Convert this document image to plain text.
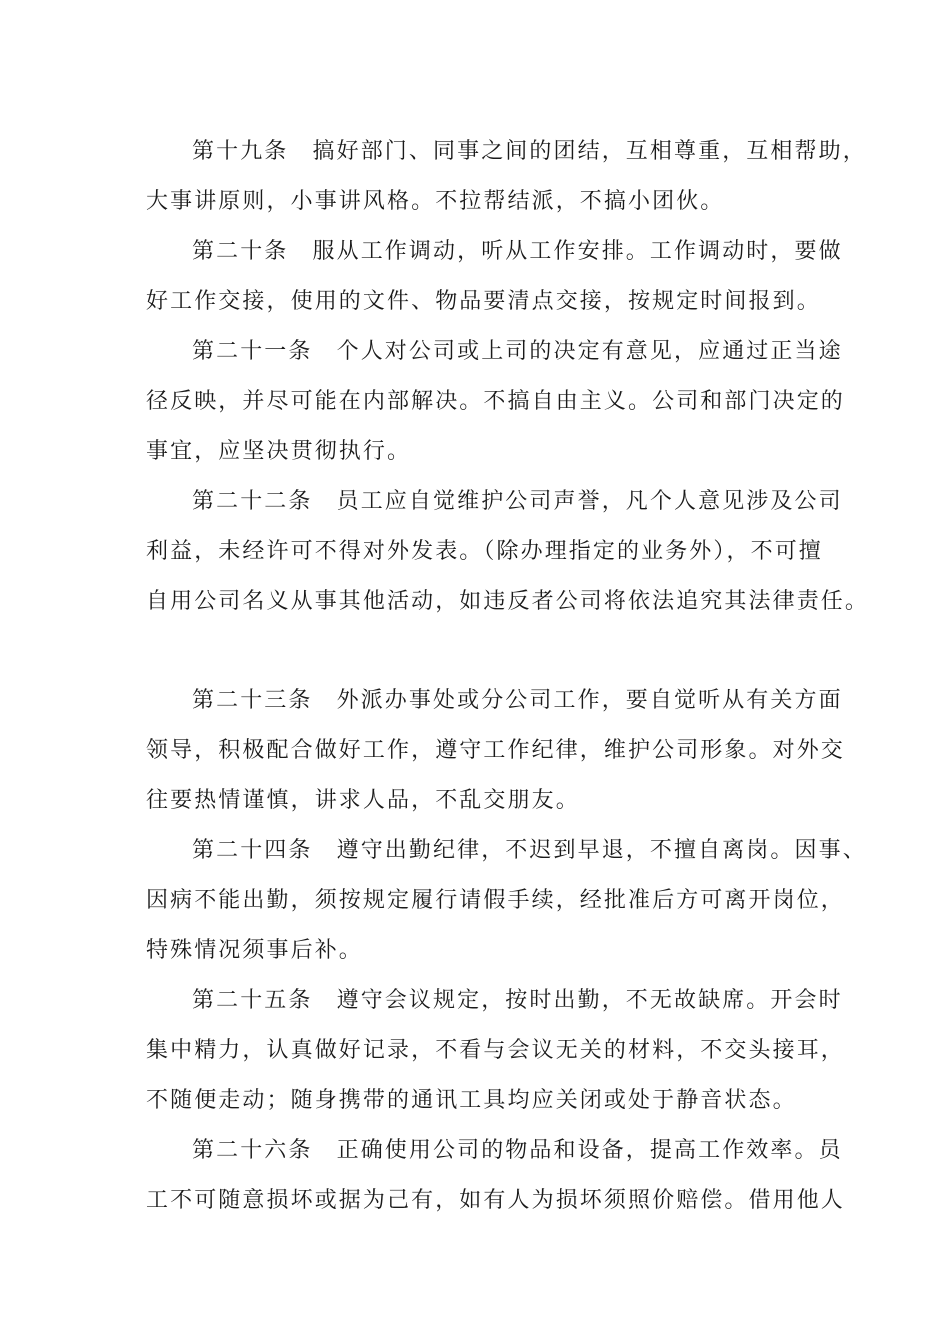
第十九条　搞好部门、同事之间的团结，互相尊重，互相帮助，
大事讲原则，小事讲风格。不拉帮结派，不搞小团伙。
第二十条　服从工作调动，听从工作安排。工作调动时，要做
好工作交接，使用的文件、物品要清点交接，按规定时间报到。
第二十一条　个人对公司或上司的决定有意见，应通过正当途
径反映，并尽可能在内部解决。不搞自由主义。公司和部门决定的
事宜，应坚决贯彻执行。
第二十二条　员工应自觉维护公司声誉，凡个人意见涉及公司
利益，未经许可不得对外发表。（除办理指定的业务外），不可擅
自用公司名义从事其他活动，如违反者公司将依法追究其法律责任。
第二十三条　外派办事处或分公司工作，要自觉听从有关方面
领导，积极配合做好工作，遵守工作纪律，维护公司形象。对外交
往要热情谨慎，讲求人品，不乱交朋友。
第二十四条　遵守出勤纪律，不迟到早退，不擅自离岗。因事、
因病不能出勤，须按规定履行请假手续，经批准后方可离开岗位，
特殊情况须事后补。
第二十五条　遵守会议规定，按时出勤，不无故缺席。开会时
集中精力，认真做好记录，不看与会议无关的材料，不交头接耳，
不随便走动；随身携带的通讯工具均应关闭或处于静音状态。
第二十六条　正确使用公司的物品和设备，提高工作效率。员
工不可随意损坏或据为己有，如有人为损坏须照价赔偿。借用他人
